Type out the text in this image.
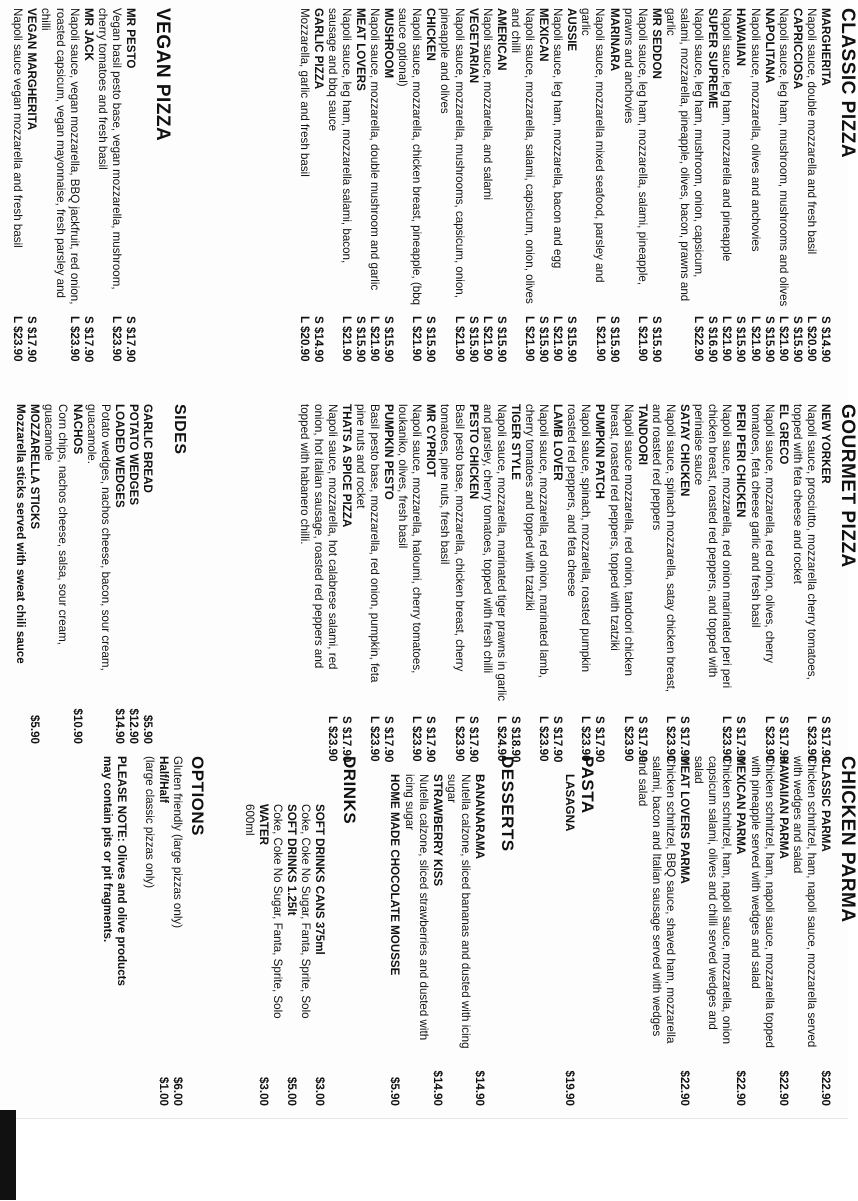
CLASSIC PIZZA
MARGHERITA
Napoli sauce, double mozzarella and fresh basil
S $14.90
L $20.90
CAPRICCIOSA
Napoli sauce, leg ham, mushroom, mushrooms and olives
S $15.90
L $21.90
NAPOLITANA
Napoli sauce, mozzarella, olives and anchovies
S $15.90
L $21.90
HAWAIIAN
Napoli sauce, leg ham, mozzarella and pineapple
S $15.90
L $21.90
SUPER SUPREME
Napoli sauce, leg ham, mushroom, onion, capsicum, salami, mozzarella, pineapple, olives, bacon, prawns and garlic
S $16.90
L $22.90
MR SEDDON
Napoli sauce, leg ham, mozzarella, salami, pineapple, prawns and anchovies
S $15.90
L $21.90
MARINARA
Napoli sauce, mozzarella mixed seafood, parsley and garlic
S $15.90
L $21.90
AUSSIE
Napoli sauce, leg ham, mozzarella, bacon and egg
S $15.90
L $21.90
MEXICAN
Napoli sauce, mozzarella, salami, capsicum, onion, olives and chilli
S $15.90
L $21.90
AMERICAN
Napoli sauce, mozzarella, and salami
S $15.90
L $21.90
VEGETARIAN
Napoli sauce, mozzarella, mushrooms, capsicum, onion, pineapple and olives
S $15.90
L $21.90
CHICKEN
Napoli sauce, mozzarella, chicken breast, pineapple, (bbq sauce optional)
S $15.90
L $21.90
MUSHROOM
Napoli sauce, mozzarella, double mushroom and garlic
S $15.90
L $21.90
MEAT LOVERS
Napoli sauce, leg ham, mozzarella salami, bacon, sausage and bbq sauce
S $15.90
L $21.90
GARLIC PIZZA
Mozzarella, garlic and fresh basil
S $14.90
L $20.90
VEGAN PIZZA
MR PESTO
Vegan basil pesto base, vegan mozzarella, mushroom, cherry tomatoes and fresh basil
S $17.90
L $23.90
MR JACK
Napoli sauce, vegan mozzarella, BBQ jackfruit, red onion, roasted capsicum, vegan mayonnaise, fresh parsley and chilli
S $17.90
L $23.90
VEGAN MARGHERITA
Napoli sauce vegan mozzarella and fresh basil
S $17.90
L $23.90
GOURMET PIZZA
NEW YORKER
Napoli sauce, prosciutto, mozzarella cherry tomatoes, topped with feta cheese and rocket
S $17.90
L $23.90
EL GRECO
Napoli sauce, mozzarella, red onion, olives, cherry tomatoes, feta cheese garlic and fresh basil
S $17.90
L $23.90
PERI PERI CHICKEN
Napoli sauce, mozzarella, red onion marinated peri peri chicken breast, roasted red peppers, and topped with perinaise sauce
S $17.90
L $23.90
SATAY CHICKEN
Napoli sauce, spinach mozzarella, satay chicken breast, and roasted red peppers
S $17.90
L $23.90
TANDOORI
Napoli sauce mozzarella, red onion, tandoori chicken breast, roasted red peppers, topped with tzatziki
S $17.90
L $23.90
PUMPKIN PATCH
Napoli sauce, spinach, mozzarella, roasted pumpkin roasted red peppers, and feta cheese
S $17.90
L $23.90
LAMB LOVER
Napoli sauce, mozzarella, red onion, marinated lamb, cherry tomatoes and topped with tzatziki
S $17.90
L $23.90
TIGER STYLE
Napoli sauce, mozzarella, marinated tiger prawns in garlic and parsley, cherry tomatoes, topped with fresh chilli
S $18.90
L $24.90
PESTO CHICKEN
Basil pesto base, mozzarella, chicken breast, cherry tomatoes, pine nuts, fresh basil
S $17.90
L $23.90
MR CYPRIOT
Napoli sauce, mozzarella, haloumi, cherry tomatoes, loukaniko, olives, fresh basil
S $17.90
L $23.90
PUMPKIN PESTO
Basil pesto base, mozzarella, red onion, pumpkin, feta pine nuts and rocket
S $17.90
L $23.90
THATS A SPICE PIZZA
Napoli sauce, mozzarella, hot calabrese salami, red onion, hot italian sausage, roasted red peppers and topped with habanero chilli.
S $17.90
L $23.90
SIDES
GARLIC BREAD
$5.90
POTATO WEDGES
$12.90
LOADED WEDGES
Potato wedges, nachos cheese, bacon, sour cream, guacamole.
$14.90
NACHOS
Corn chips, nachos cheese, salsa, sour cream, guacamole
$10.90
MOZZARELLA STICKS
$5.90
Mozzarella sticks served with sweat chili sauce
CHICKEN PARMA
CLASSIC PARMA
Chicken schnitzel, ham, napoli sauce, mozzarella served with wedges and salad
$22.90
HAWAIIAN PARMA
Chicken schnitzel, ham, napoli sauce, mozzarella topped with pineapple served with wedges and salad
$22.90
MEXICAN PARMA
Chicken schnitzel, ham, napoli sauce, mozzarella, onion capsicum salami, olives and chilli served wedges and salad
$22.90
MEAT LOVERS PARMA
Chicken schnitzel, BBQ sauce, shaved ham, mozzarella salami, bacon and Italian sausage served with wedges and salad
$22.90
PASTA
LASAGNA
$19.90
DESSERTS
BANANARAMA
Nutella calzone, sliced bananas and dusted with icing sugar
$14.90
STRAWBERRY KISS
Nutella calzone, sliced strawberries and dusted with icing sugar
$14.90
HOME MADE CHOCOLATE MOUSSE
$5.90
DRINKS
SOFT DRINKS CANS 375ml
Coke, Coke No Sugar, Fanta, Sprite, Solo
$3.00
SOFT DRINKS 1.25lt
Coke, Coke No Sugar, Fanta, Sprite, Solo
$5.00
WATER
600ml
$3.00
OPTIONS
Gluten friendly (large pizzas only)
$6.00
Half/Half
(large classic pizzas only)
$1.00
PLEASE NOTE: Olives and olive products may contain pits or pit fragments.
